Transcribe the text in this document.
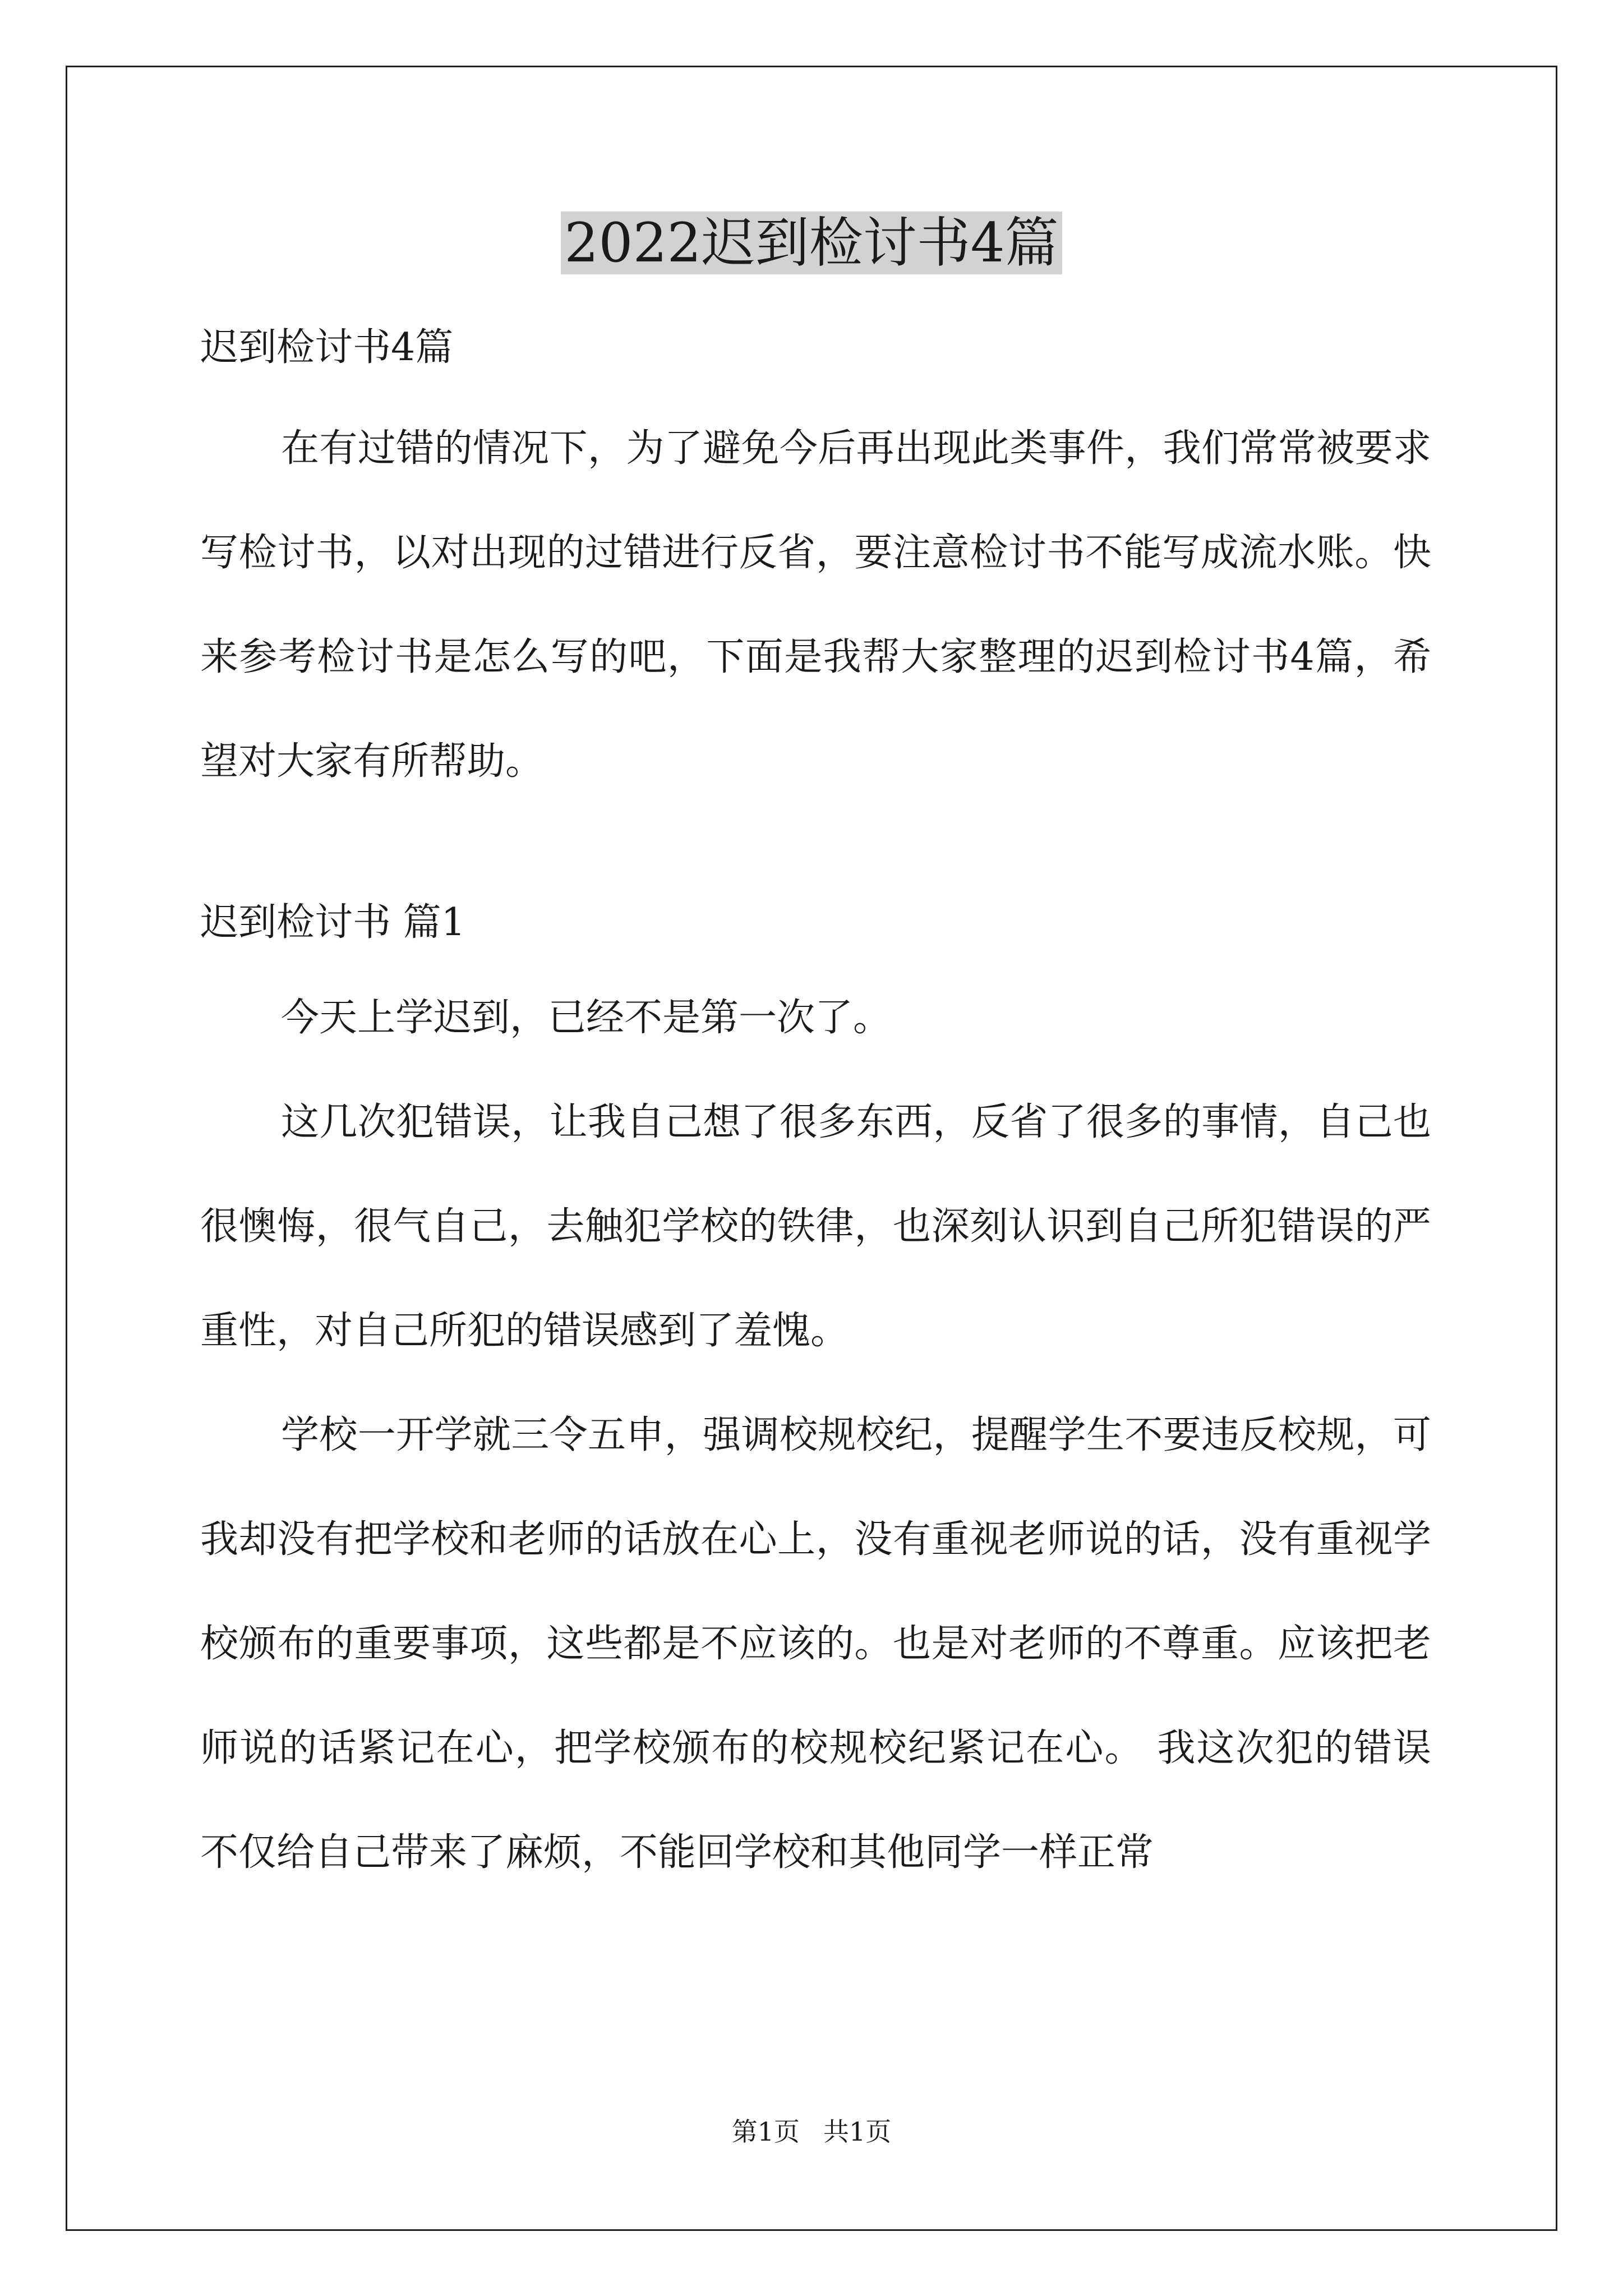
2022迟到检讨书4篇

迟到检讨书4篇

在有过错的情况下，为了避免今后再出现此类事件，我们常常被要求写检讨书，以对出现的过错进行反省，要注意检讨书不能写成流水账。快来参考检讨书是怎么写的吧，下面是我帮大家整理的迟到检讨书4篇，希望对大家有所帮助。

迟到检讨书 篇1

今天上学迟到，已经不是第一次了。

这几次犯错误，让我自己想了很多东西，反省了很多的事情，自己也很懊悔，很气自己，去触犯学校的铁律，也深刻认识到自己所犯错误的严重性，对自己所犯的错误感到了羞愧。

学校一开学就三令五申，强调校规校纪，提醒学生不要违反校规，可我却没有把学校和老师的话放在心上，没有重视老师说的话，没有重视学校颁布的重要事项，这些都是不应该的。也是对老师的不尊重。应该把老师说的话紧记在心，把学校颁布的校规校纪紧记在心。 我这次犯的错误不仅给自己带来了麻烦，不能回学校和其他同学一样正常

第1页 共1页
